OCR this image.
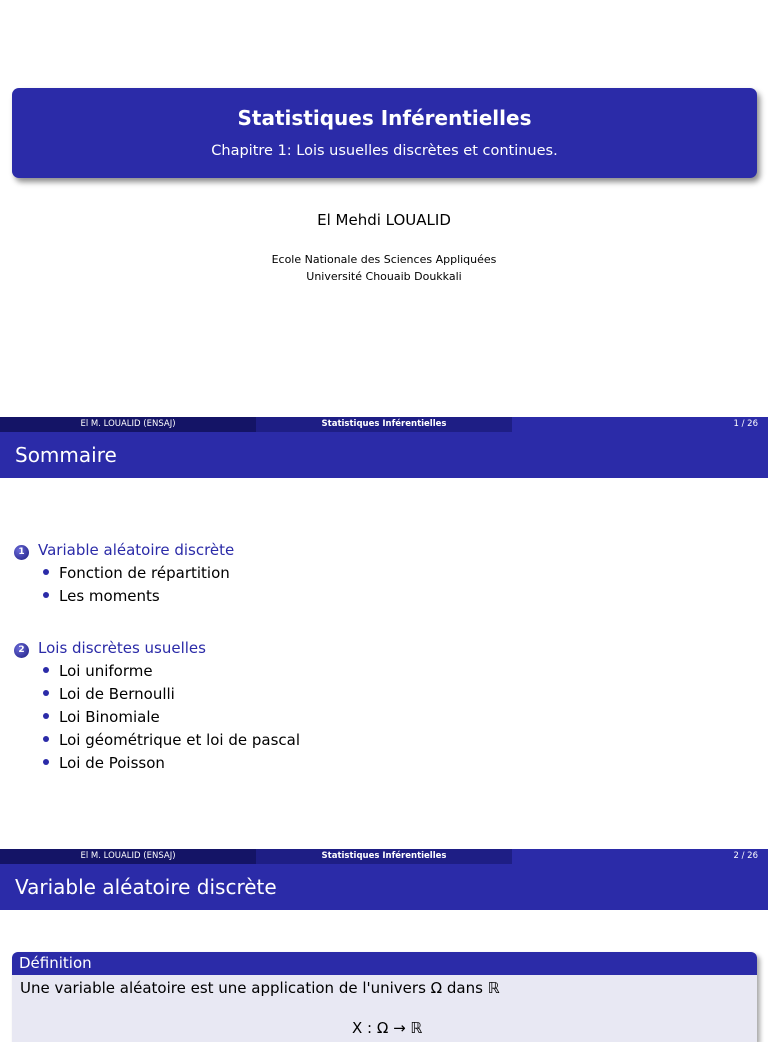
Statistiques Inférentielles
Chapitre 1: Lois usuelles discrètes et continues.
El Mehdi LOUALID
Ecole Nationale des Sciences Appliquées
Université Chouaib Doukkali
El M. LOUALID (ENSAJ)	Statistiques Inférentielles	1 / 26
Sommaire
1 Variable aléatoire discrète
Fonction de répartition
Les moments
2 Lois discrètes usuelles
Loi uniforme
Loi de Bernoulli
Loi Binomiale
Loi géométrique et loi de pascal
Loi de Poisson
El M. LOUALID (ENSAJ)	Statistiques Inférentielles	2 / 26
Variable aléatoire discrète
Définition
Une variable aléatoire est une application de l'univers Ω dans ℝ
X : Ω → ℝ
